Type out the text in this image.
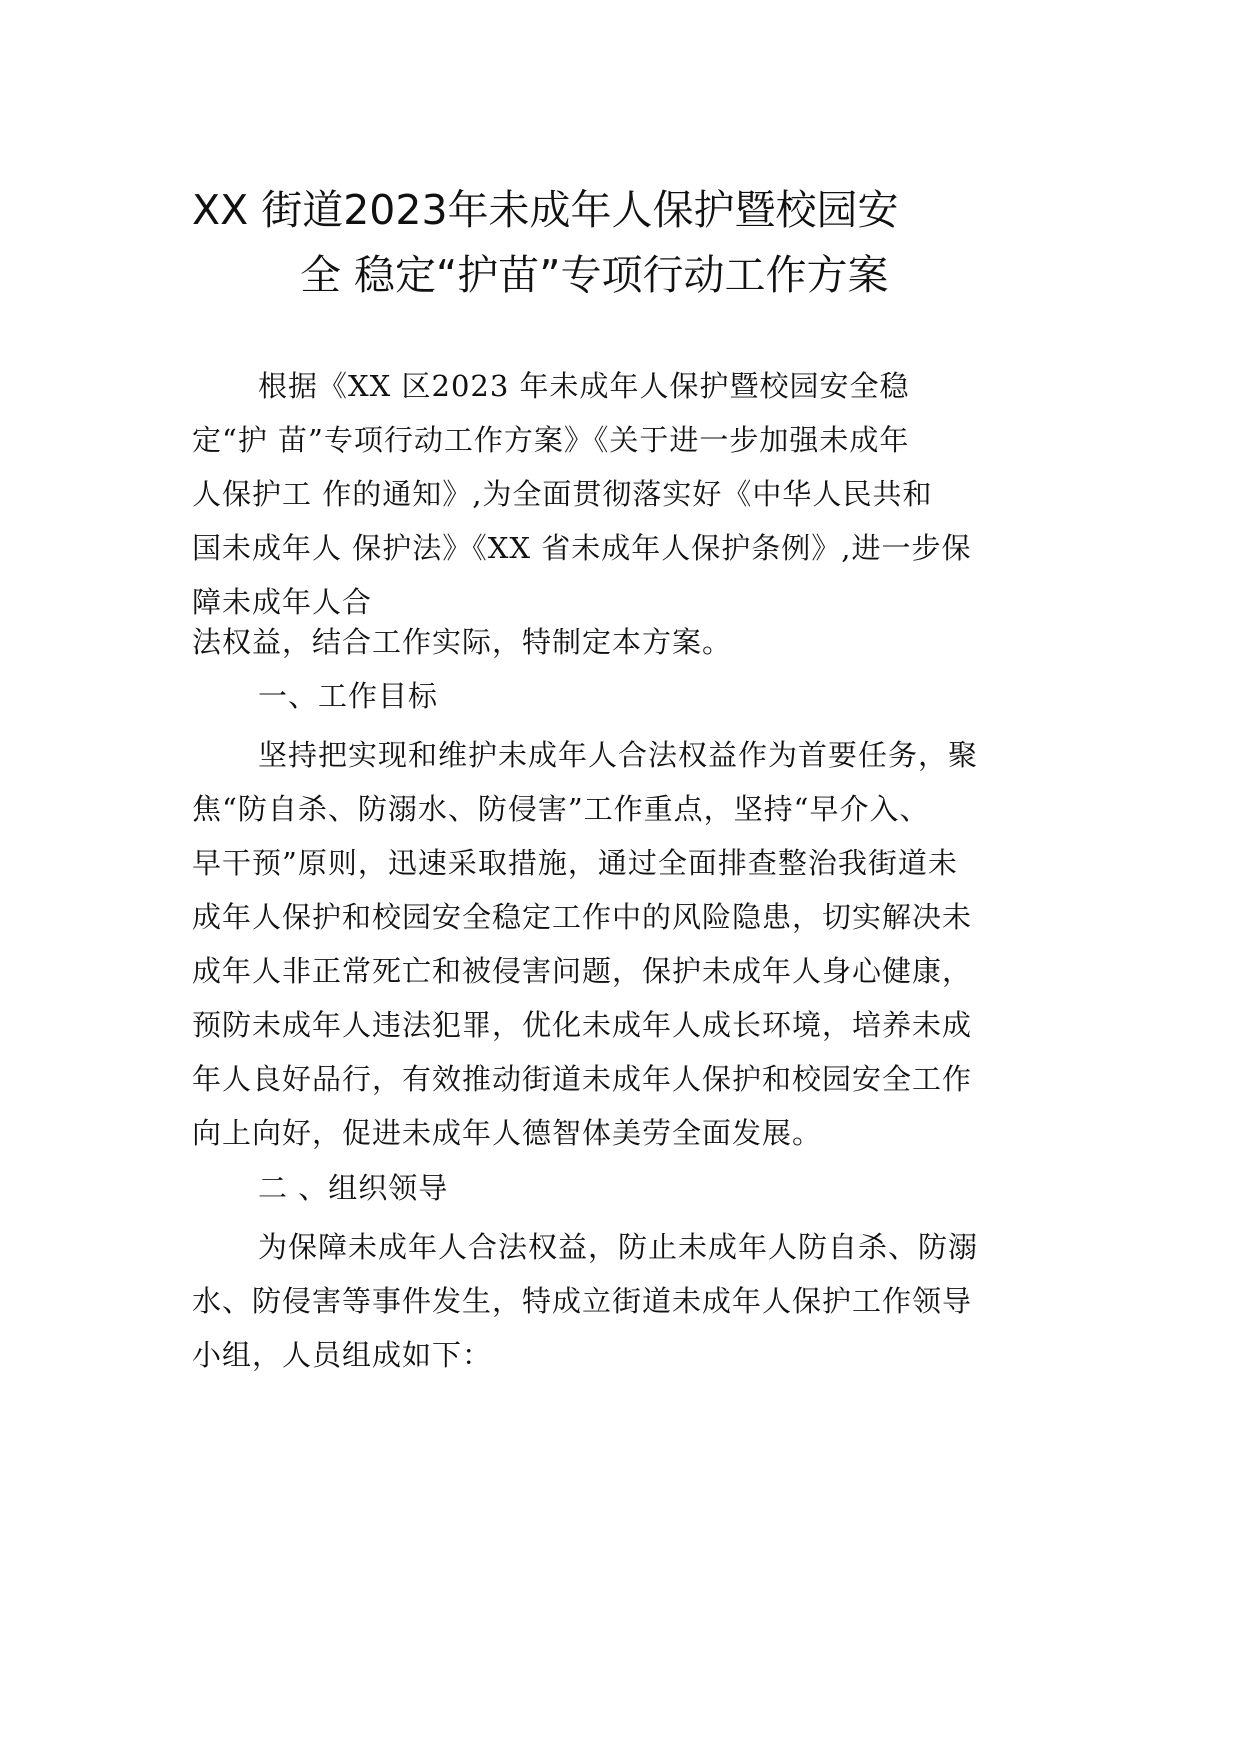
XX 街道2023年未成年人保护暨校园安
全 稳定“护苗”专项行动工作方案
根据《XX 区2023 年未成年人保护暨校园安全稳
定“护 苗”专项行动工作方案》《关于进一步加强未成年
人保护工 作的通知》,为全面贯彻落实好《中华人民共和
国未成年人 保护法》《XX 省未成年人保护条例》,进一步保
障未成年人合
法权益，结合工作实际，特制定本方案。
一、工作目标
坚持把实现和维护未成年人合法权益作为首要任务，聚
焦“防自杀、防溺水、防侵害”工作重点，坚持“早介入、
早干预”原则，迅速采取措施，通过全面排查整治我街道未
成年人保护和校园安全稳定工作中的风险隐患，切实解决未
成年人非正常死亡和被侵害问题，保护未成年人身心健康，
预防未成年人违法犯罪，优化未成年人成长环境，培养未成
年人良好品行，有效推动街道未成年人保护和校园安全工作
向上向好，促进未成年人德智体美劳全面发展。
二 、组织领导
为保障未成年人合法权益，防止未成年人防自杀、防溺
水、防侵害等事件发生，特成立街道未成年人保护工作领导
小组，人员组成如下：
